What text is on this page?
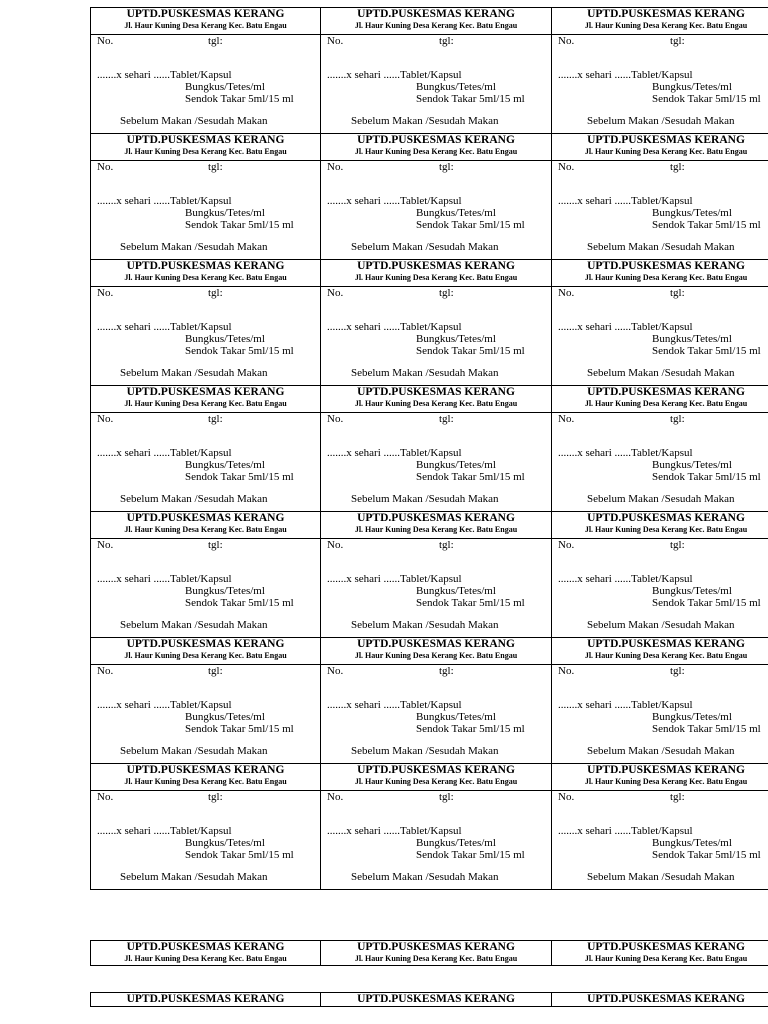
UPTD.PUSKESMAS KERANG
Jl. Haur Kuning Desa Kerang Kec. Batu Engau
No.	tgl:
.......x sehari ......Tablet/Kapsul
Bungkus/Tetes/ml
Sendok Takar 5ml/15 ml
Sebelum Makan /Sesudah Makan
UPTD.PUSKESMAS KERANG
Jl. Haur Kuning Desa Kerang Kec. Batu Engau
No.	tgl:
.......x sehari ......Tablet/Kapsul
Bungkus/Tetes/ml
Sendok Takar 5ml/15 ml
Sebelum Makan /Sesudah Makan
UPTD.PUSKESMAS KERANG
Jl. Haur Kuning Desa Kerang Kec. Batu Engau
No.	tgl:
.......x sehari ......Tablet/Kapsul
Bungkus/Tetes/ml
Sendok Takar 5ml/15 ml
Sebelum Makan /Sesudah Makan
UPTD.PUSKESMAS KERANG
Jl. Haur Kuning Desa Kerang Kec. Batu Engau
No.	tgl:
.......x sehari ......Tablet/Kapsul
Bungkus/Tetes/ml
Sendok Takar 5ml/15 ml
Sebelum Makan /Sesudah Makan
UPTD.PUSKESMAS KERANG
Jl. Haur Kuning Desa Kerang Kec. Batu Engau
No.	tgl:
.......x sehari ......Tablet/Kapsul
Bungkus/Tetes/ml
Sendok Takar 5ml/15 ml
Sebelum Makan /Sesudah Makan
UPTD.PUSKESMAS KERANG
Jl. Haur Kuning Desa Kerang Kec. Batu Engau
No.	tgl:
.......x sehari ......Tablet/Kapsul
Bungkus/Tetes/ml
Sendok Takar 5ml/15 ml
Sebelum Makan /Sesudah Makan
UPTD.PUSKESMAS KERANG
Jl. Haur Kuning Desa Kerang Kec. Batu Engau
No.	tgl:
.......x sehari ......Tablet/Kapsul
Bungkus/Tetes/ml
Sendok Takar 5ml/15 ml
Sebelum Makan /Sesudah Makan
UPTD.PUSKESMAS KERANG
Jl. Haur Kuning Desa Kerang Kec. Batu Engau
No.	tgl:
.......x sehari ......Tablet/Kapsul
Bungkus/Tetes/ml
Sendok Takar 5ml/15 ml
Sebelum Makan /Sesudah Makan
UPTD.PUSKESMAS KERANG
Jl. Haur Kuning Desa Kerang Kec. Batu Engau
No.	tgl:
.......x sehari ......Tablet/Kapsul
Bungkus/Tetes/ml
Sendok Takar 5ml/15 ml
Sebelum Makan /Sesudah Makan
UPTD.PUSKESMAS KERANG
Jl. Haur Kuning Desa Kerang Kec. Batu Engau
No.	tgl:
.......x sehari ......Tablet/Kapsul
Bungkus/Tetes/ml
Sendok Takar 5ml/15 ml
Sebelum Makan /Sesudah Makan
UPTD.PUSKESMAS KERANG
Jl. Haur Kuning Desa Kerang Kec. Batu Engau
No.	tgl:
.......x sehari ......Tablet/Kapsul
Bungkus/Tetes/ml
Sendok Takar 5ml/15 ml
Sebelum Makan /Sesudah Makan
UPTD.PUSKESMAS KERANG
Jl. Haur Kuning Desa Kerang Kec. Batu Engau
No.	tgl:
.......x sehari ......Tablet/Kapsul
Bungkus/Tetes/ml
Sendok Takar 5ml/15 ml
Sebelum Makan /Sesudah Makan
UPTD.PUSKESMAS KERANG
Jl. Haur Kuning Desa Kerang Kec. Batu Engau
No.	tgl:
.......x sehari ......Tablet/Kapsul
Bungkus/Tetes/ml
Sendok Takar 5ml/15 ml
Sebelum Makan /Sesudah Makan
UPTD.PUSKESMAS KERANG
Jl. Haur Kuning Desa Kerang Kec. Batu Engau
No.	tgl:
.......x sehari ......Tablet/Kapsul
Bungkus/Tetes/ml
Sendok Takar 5ml/15 ml
Sebelum Makan /Sesudah Makan
UPTD.PUSKESMAS KERANG
Jl. Haur Kuning Desa Kerang Kec. Batu Engau
No.	tgl:
.......x sehari ......Tablet/Kapsul
Bungkus/Tetes/ml
Sendok Takar 5ml/15 ml
Sebelum Makan /Sesudah Makan
UPTD.PUSKESMAS KERANG
Jl. Haur Kuning Desa Kerang Kec. Batu Engau
No.	tgl:
.......x sehari ......Tablet/Kapsul
Bungkus/Tetes/ml
Sendok Takar 5ml/15 ml
Sebelum Makan /Sesudah Makan
UPTD.PUSKESMAS KERANG
Jl. Haur Kuning Desa Kerang Kec. Batu Engau
No.	tgl:
.......x sehari ......Tablet/Kapsul
Bungkus/Tetes/ml
Sendok Takar 5ml/15 ml
Sebelum Makan /Sesudah Makan
UPTD.PUSKESMAS KERANG
Jl. Haur Kuning Desa Kerang Kec. Batu Engau
No.	tgl:
.......x sehari ......Tablet/Kapsul
Bungkus/Tetes/ml
Sendok Takar 5ml/15 ml
Sebelum Makan /Sesudah Makan
UPTD.PUSKESMAS KERANG
Jl. Haur Kuning Desa Kerang Kec. Batu Engau
No.	tgl:
.......x sehari ......Tablet/Kapsul
Bungkus/Tetes/ml
Sendok Takar 5ml/15 ml
Sebelum Makan /Sesudah Makan
UPTD.PUSKESMAS KERANG
Jl. Haur Kuning Desa Kerang Kec. Batu Engau
No.	tgl:
.......x sehari ......Tablet/Kapsul
Bungkus/Tetes/ml
Sendok Takar 5ml/15 ml
Sebelum Makan /Sesudah Makan
UPTD.PUSKESMAS KERANG
Jl. Haur Kuning Desa Kerang Kec. Batu Engau
No.	tgl:
.......x sehari ......Tablet/Kapsul
Bungkus/Tetes/ml
Sendok Takar 5ml/15 ml
Sebelum Makan /Sesudah Makan
UPTD.PUSKESMAS KERANG
Jl. Haur Kuning Desa Kerang Kec. Batu Engau
UPTD.PUSKESMAS KERANG
Jl. Haur Kuning Desa Kerang Kec. Batu Engau
UPTD.PUSKESMAS KERANG
Jl. Haur Kuning Desa Kerang Kec. Batu Engau
UPTD.PUSKESMAS KERANG	UPTD.PUSKESMAS KERANG	UPTD.PUSKESMAS KERANG
